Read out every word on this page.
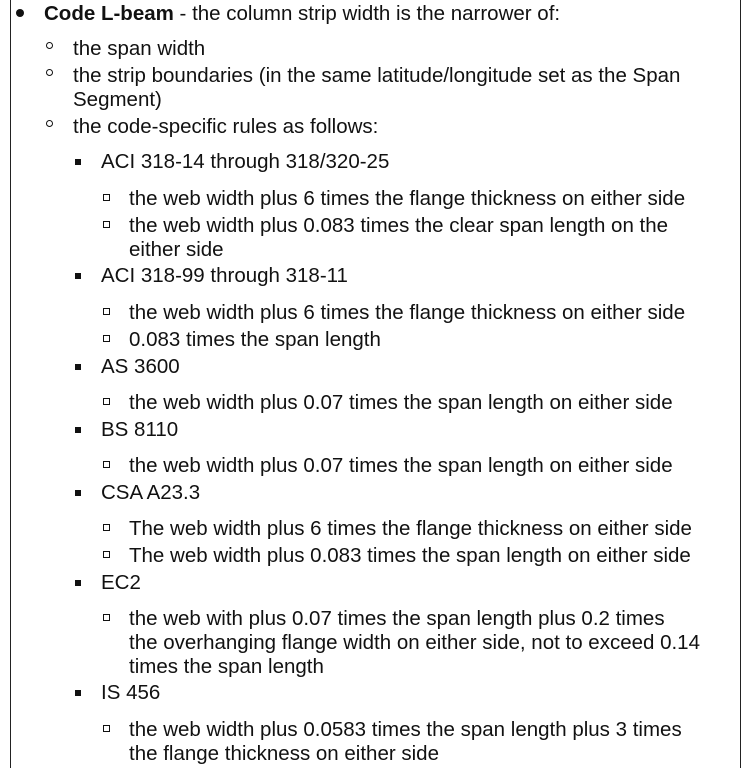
Code L-beam - the column strip width is the narrower of:
the span width
the strip boundaries (in the same latitude/longitude set as the Span
Segment)
the code-specific rules as follows:
ACI 318-14 through 318/320-25
the web width plus 6 times the flange thickness on either side
the web width plus 0.083 times the clear span length on the
either side
ACI 318-99 through 318-11
the web width plus 6 times the flange thickness on either side
0.083 times the span length
AS 3600
the web width plus 0.07 times the span length on either side
BS 8110
the web width plus 0.07 times the span length on either side
CSA A23.3
The web width plus 6 times the flange thickness on either side
The web width plus 0.083 times the span length on either side
EC2
the web with plus 0.07 times the span length plus 0.2 times
the overhanging flange width on either side, not to exceed 0.14
times the span length
IS 456
the web width plus 0.0583 times the span length plus 3 times
the flange thickness on either side
